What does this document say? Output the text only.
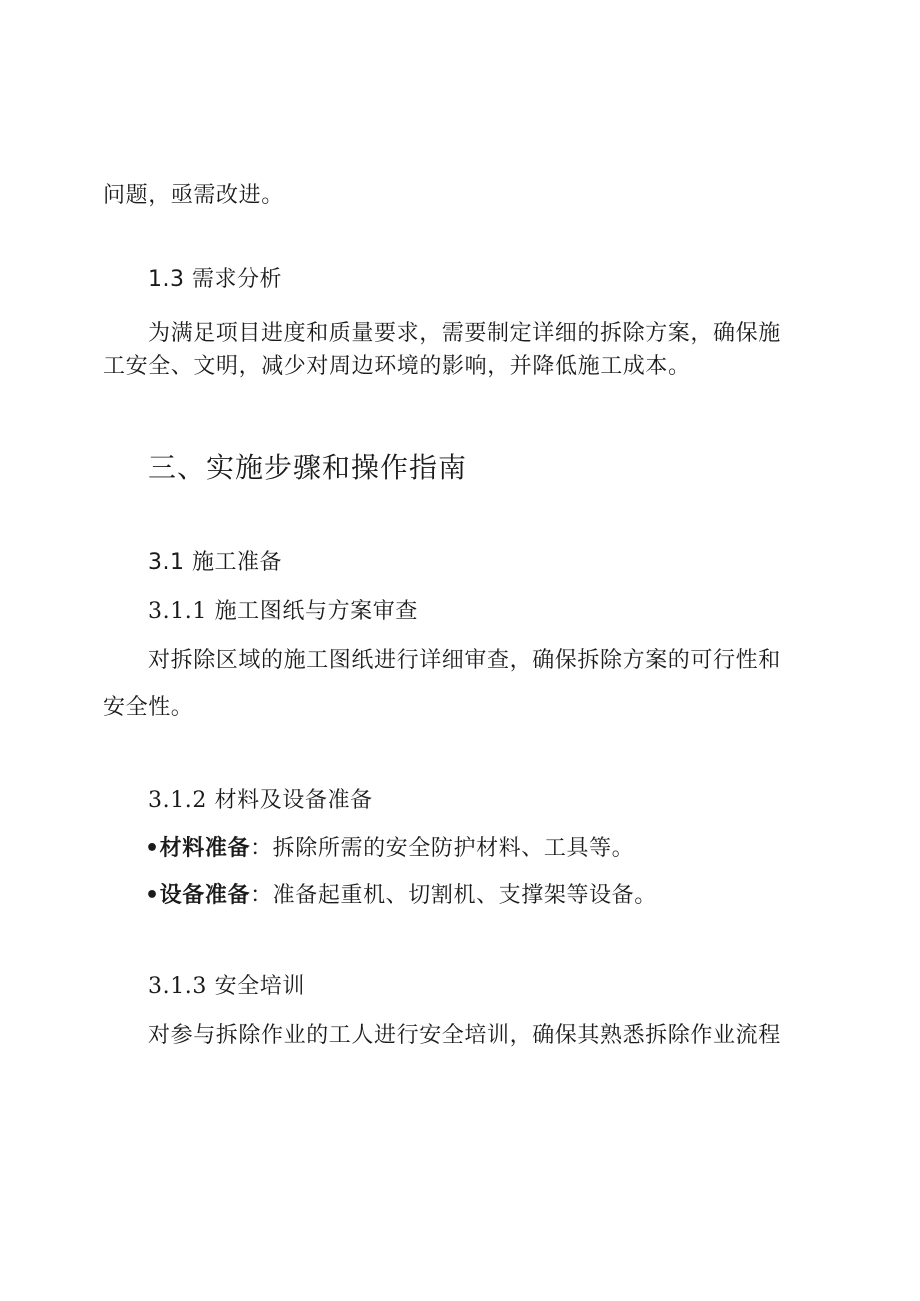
问题，亟需改进。
1.3 需求分析
为满足项目进度和质量要求，需要制定详细的拆除方案，确保施
工安全、文明，减少对周边环境的影响，并降低施工成本。
三、实施步骤和操作指南
3.1 施工准备
3.1.1 施工图纸与方案审查
对拆除区域的施工图纸进行详细审查，确保拆除方案的可行性和
安全性。
3.1.2 材料及设备准备
•材料准备：拆除所需的安全防护材料、工具等。
•设备准备：准备起重机、切割机、支撑架等设备。
3.1.3 安全培训
对参与拆除作业的工人进行安全培训，确保其熟悉拆除作业流程
